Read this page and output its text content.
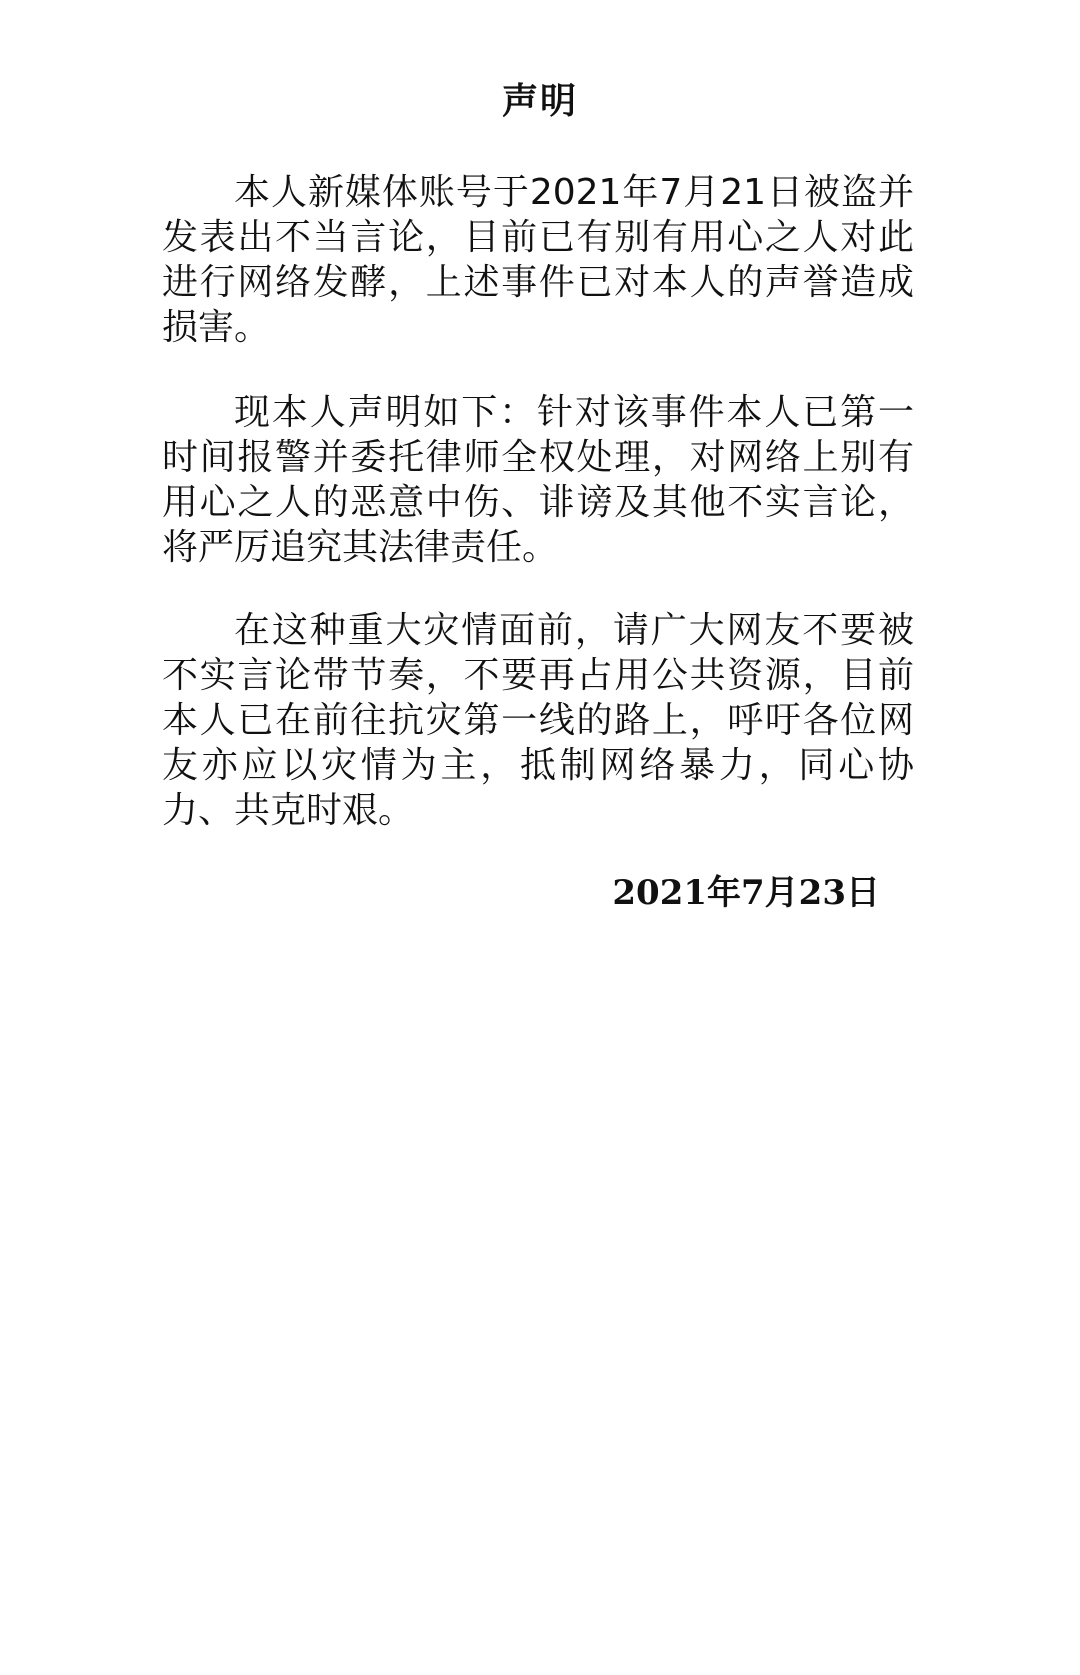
声明

本人新媒体账号于2021年7月21日被盗并发表出不当言论，目前已有别有用心之人对此进行网络发酵，上述事件已对本人的声誉造成损害。

现本人声明如下：针对该事件本人已第一时间报警并委托律师全权处理，对网络上别有用心之人的恶意中伤、诽谤及其他不实言论，将严厉追究其法律责任。

在这种重大灾情面前，请广大网友不要被不实言论带节奏，不要再占用公共资源，目前本人已在前往抗灾第一线的路上，呼吁各位网友亦应以灾情为主，抵制网络暴力，同心协力、共克时艰。

2021年7月23日
